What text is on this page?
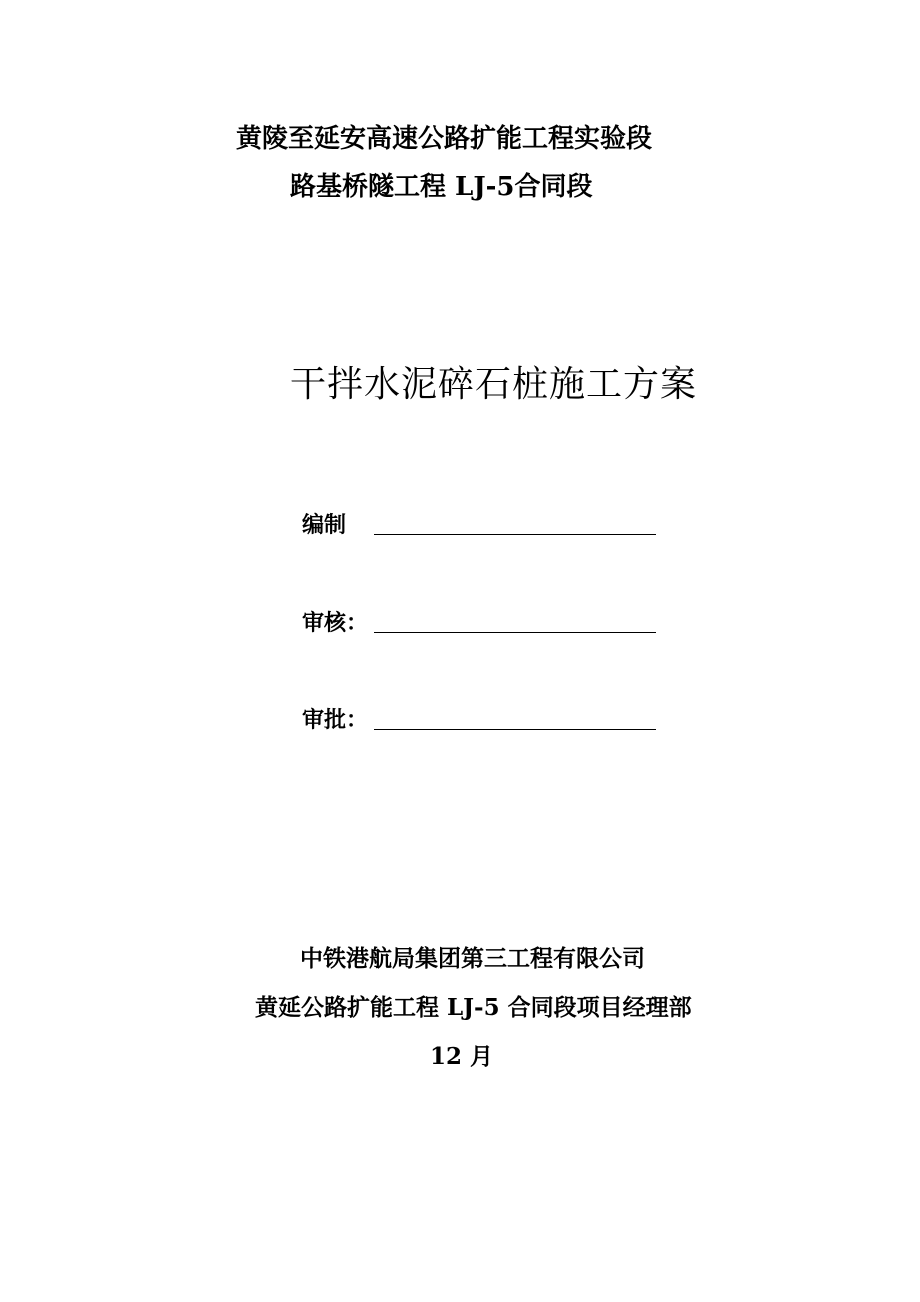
黄陵至延安高速公路扩能工程实验段
路基桥隧工程 LJ-5合同段
干拌水泥碎石桩施工方案
编制
审核：
审批：
中铁港航局集团第三工程有限公司
黄延公路扩能工程 LJ-5 合同段项目经理部
12 月
